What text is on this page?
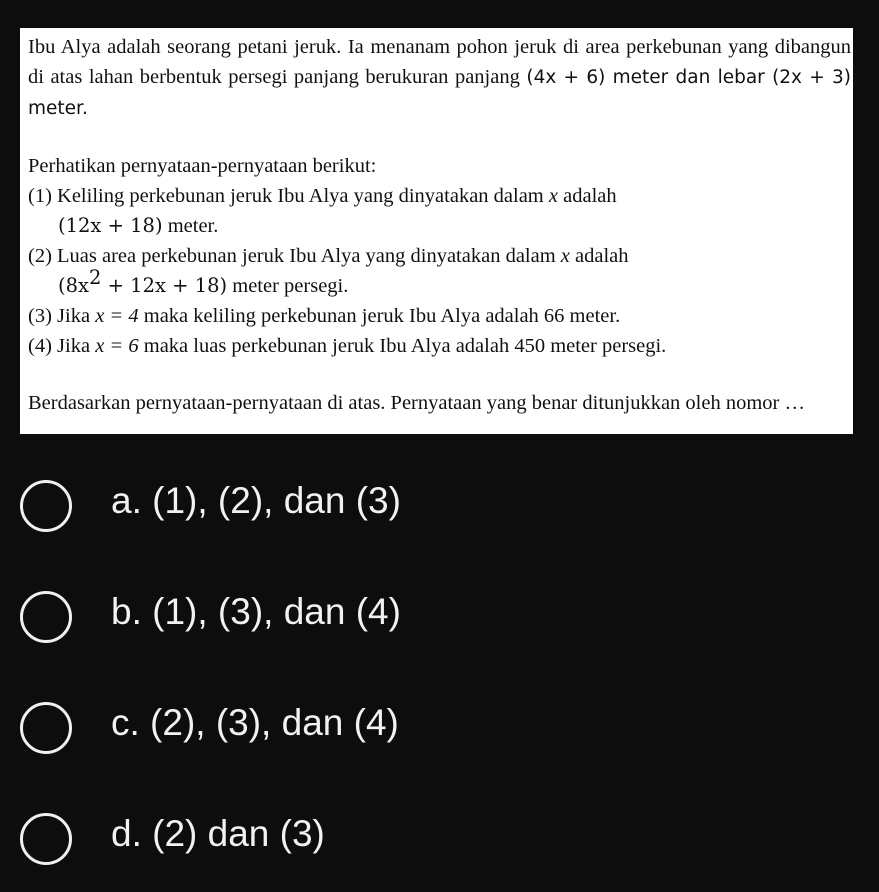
Ibu Alya adalah seorang petani jeruk. Ia menanam pohon jeruk di area perkebunan yang dibangun di atas lahan berbentuk persegi panjang berukuran panjang (4x + 6) meter dan lebar (2x + 3) meter.

Perhatikan pernyataan-pernyataan berikut:

(1) Keliling perkebunan jeruk Ibu Alya yang dinyatakan dalam x adalah

(12x + 18) meter.

(2) Luas area perkebunan jeruk Ibu Alya yang dinyatakan dalam x adalah

$(8x^2 + 12x + 18)$ meter persegi.

(3) Jika x = 4 maka keliling perkebunan jeruk Ibu Alya adalah 66 meter.

(4) Jika x = 6 maka luas perkebunan jeruk Ibu Alya adalah 450 meter persegi.

Berdasarkan pernyataan-pernyataan di atas. Pernyataan yang benar ditunjukkan oleh nomor …

a. (1), (2), dan (3)
b. (1), (3), dan (4)
c. (2), (3), dan (4)
d. (2) dan (3)
